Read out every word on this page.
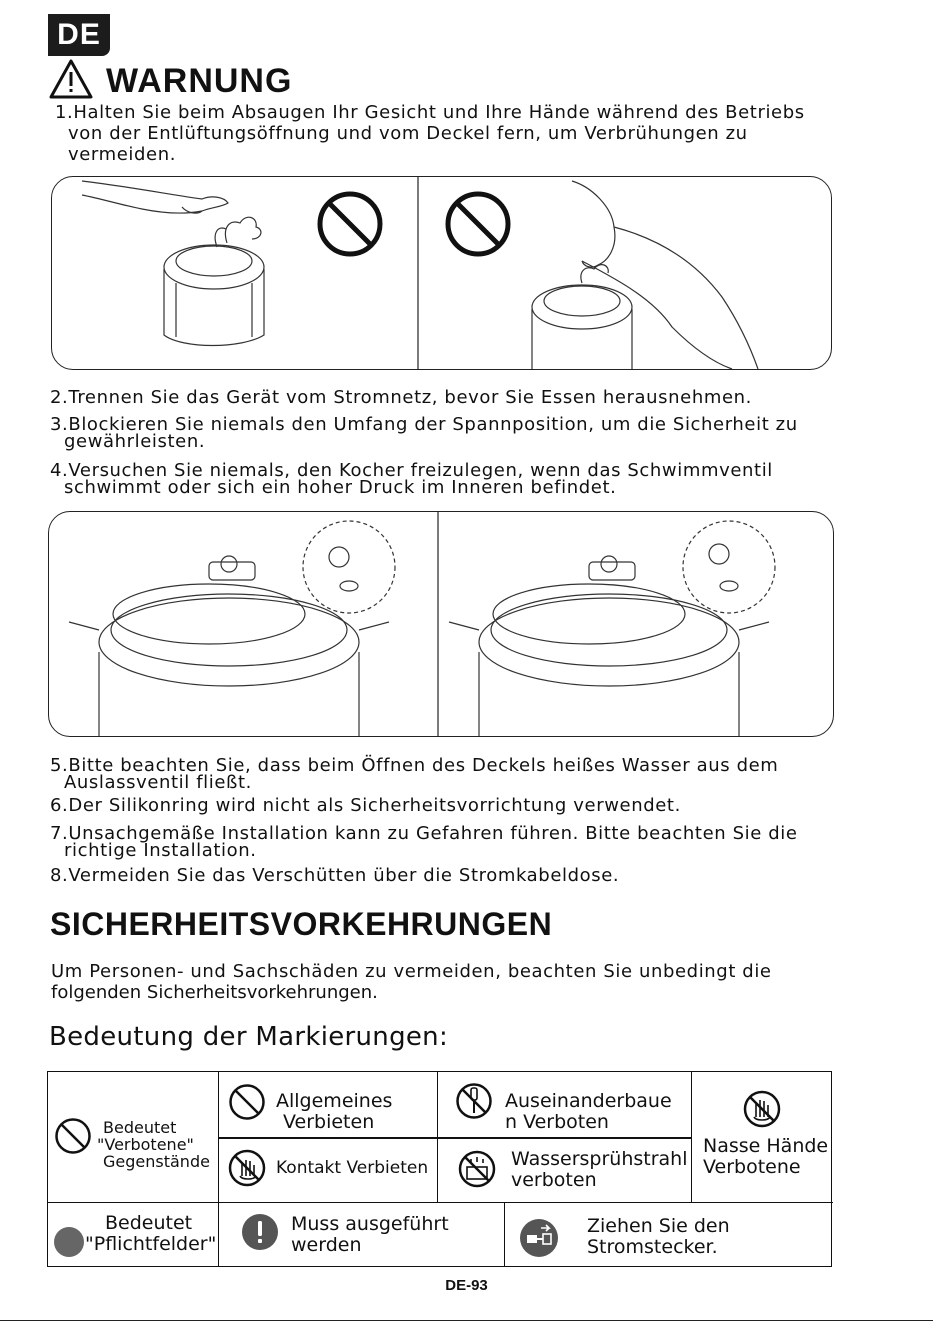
DE
WARNUNG
1.Halten Sie beim Absaugen Ihr Gesicht und Ihre Hände während des Betriebs
von der Entlüftungsöffnung und vom Deckel fern, um Verbrühungen zu
vermeiden.
2.Trennen Sie das Gerät vom Stromnetz, bevor Sie Essen herausnehmen.
3.Blockieren Sie niemals den Umfang der Spannposition, um die Sicherheit zu
gewährleisten.
4.Versuchen Sie niemals, den Kocher freizulegen, wenn das Schwimmventil
schwimmt oder sich ein hoher Druck im Inneren befindet.
5.Bitte beachten Sie, dass beim Öffnen des Deckels heißes Wasser aus dem
Auslassventil fließt.
6.Der Silikonring wird nicht als Sicherheitsvorrichtung verwendet.
7.Unsachgemäße Installation kann zu Gefahren führen. Bitte beachten Sie die
richtige Installation.
8.Vermeiden Sie das Verschütten über die Stromkabeldose.
SICHERHEITSVORKEHRUNGEN
Um Personen- und Sachschäden zu vermeiden, beachten Sie unbedingt die
folgenden Sicherheitsvorkehrungen.
Bedeutung der Markierungen:
Bedeutet
"Verbotene"
Gegenstände
Allgemeines
Verbieten
Auseinanderbaue
n Verboten
Nasse Hände
Verbotene
Kontakt Verbieten	Wassersprühstrahl
verboten
Bedeutet
"Pflichtfelder"
Muss ausgeführt
werden
Ziehen Sie den
Stromstecker.
DE-93
